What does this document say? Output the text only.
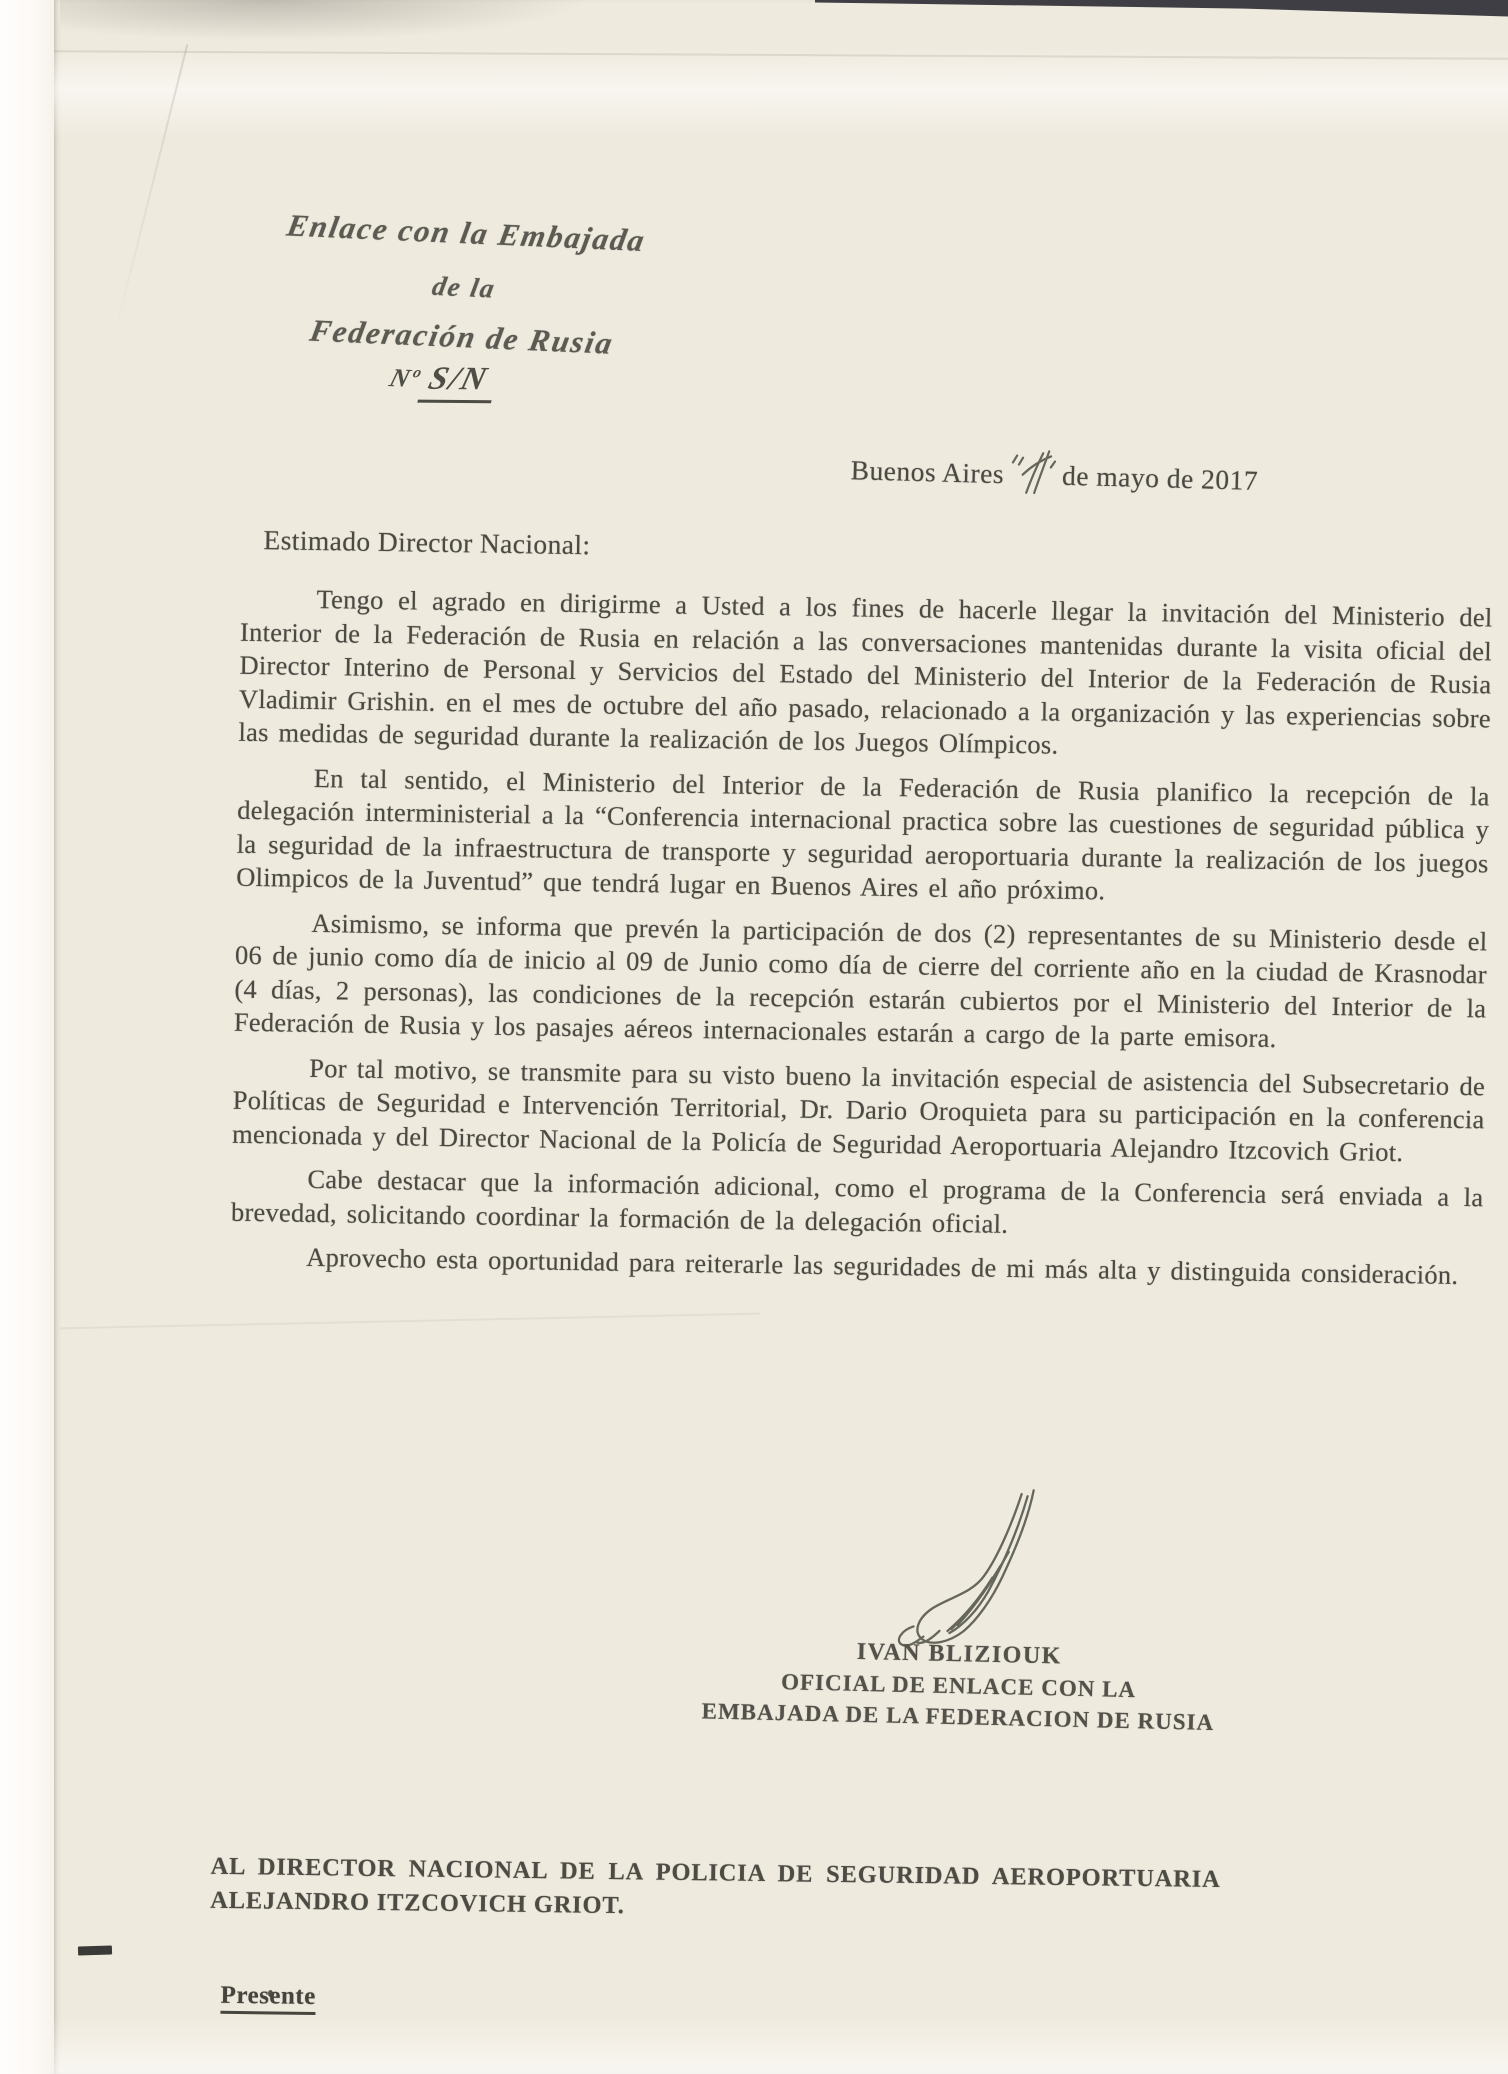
Enlace con la Embajada
de la
Federación de Rusia
Nº S/N
Buenos Aires de mayo de 2017
Estimado Director Nacional:

Tengo el agrado en dirigirme a Usted a los fines de hacerle llegar la invitación del Ministerio del Interior de la Federación de Rusia en relación a las conversaciones mantenidas durante la visita oficial del Director Interino de Personal y Servicios del Estado del Ministerio del Interior de la Federación de Rusia Vladimir Grishin. en el mes de octubre del año pasado, relacionado a la organización y las experiencias sobre las medidas de seguridad durante la realización de los Juegos Olímpicos.

En tal sentido, el Ministerio del Interior de la Federación de Rusia planifico la recepción de la delegación interministerial a la “Conferencia internacional practica sobre las cuestiones de seguridad pública y la seguridad de la infraestructura de transporte y seguridad aeroportuaria durante la realización de los juegos Olimpicos de la Juventud” que tendrá lugar en Buenos Aires el año próximo.

Asimismo, se informa que prevén la participación de dos (2) representantes de su Ministerio desde el 06 de junio como día de inicio al 09 de Junio como día de cierre del corriente año en la ciudad de Krasnodar (4 días, 2 personas), las condiciones de la recepción estarán cubiertos por el Ministerio del Interior de la Federación de Rusia y los pasajes aéreos internacionales estarán a cargo de la parte emisora.

Por tal motivo, se transmite para su visto bueno la invitación especial de asistencia del Subsecretario de Políticas de Seguridad e Intervención Territorial, Dr. Dario Oroquieta para su participación en la conferencia mencionada y del Director Nacional de la Policía de Seguridad Aeroportuaria Alejandro Itzcovich Griot.

Cabe destacar que la información adicional, como el programa de la Conferencia será enviada a la brevedad, solicitando coordinar la formación de la delegación oficial.

Aprovecho esta oportunidad para reiterarle las seguridades de mi más alta y distinguida consideración.

IVAN BLIZIOUK
OFICIAL DE ENLACE CON LA
EMBAJADA DE LA FEDERACION DE RUSIA
AL DIRECTOR NACIONAL DE LA POLICIA DE SEGURIDAD AEROPORTUARIA
ALEJANDRO ITZCOVICH GRIOT.
Presente
